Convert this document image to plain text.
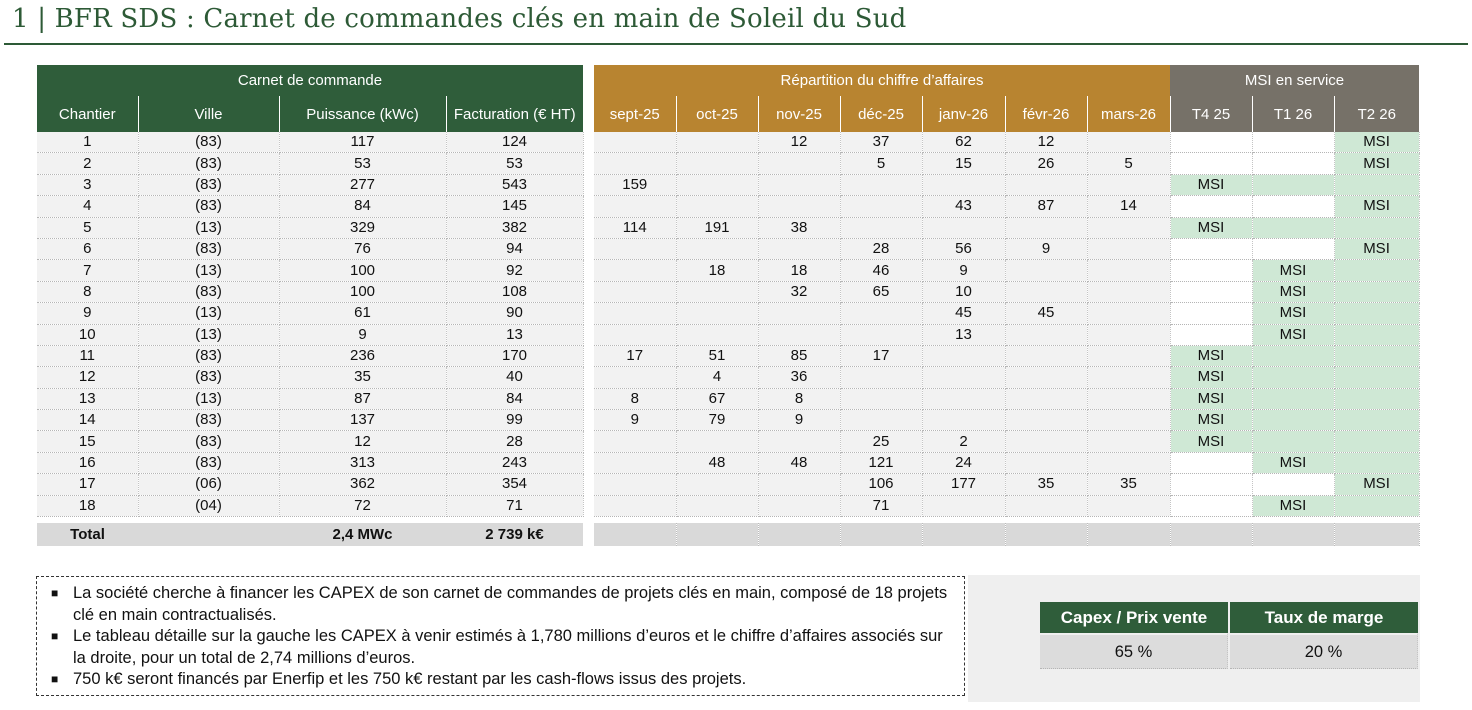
1 | BFR SDS : Carnet de commandes clés en main de Soleil du Sud
Carnet de commande			
Chantier	Ville	Puissance (kWc)	Facturation (€ HT)
1	(83)	117	124
2	(83)	53	53
3	(83)	277	543
4	(83)	84	145
5	(13)	329	382
6	(83)	76	94
7	(13)	100	92
8	(83)	100	108
9	(13)	61	90
10	(13)	9	13
11	(83)	236	170
12	(83)	35	40
13	(13)	87	84
14	(83)	137	99
15	(83)	12	28
16	(83)	313	243
17	(06)	362	354
18	(04)	72	71

Total		2,4 MWc	2 739 k€
Répartition du chiffre d’affaires							MSI en service		
sept-25	oct-25	nov-25	déc-25	janv-26	févr-26	mars-26	T4 25	T1 26	T2 26
		12	37	62	12				MSI
			5	15	26	5			MSI
159							MSI		
				43	87	14			MSI
114	191	38					MSI		
			28	56	9				MSI
	18	18	46	9				MSI	
		32	65	10				MSI	
				45	45			MSI	
				13				MSI	
17	51	85	17				MSI		
	4	36					MSI		
8	67	8					MSI		
9	79	9					MSI		
			25	2			MSI		
	48	48	121	24				MSI	
			106	177	35	35			MSI
			71					MSI	

■ La société cherche à financer les CAPEX de son carnet de commandes de projets clés en main, composé de 18 projets clé en main contractualisés.
■ Le tableau détaille sur la gauche les CAPEX à venir estimés à 1,780 millions d’euros et le chiffre d’affaires associés sur la droite, pour un total de 2,74 millions d’euros.
■ 750 k€ seront financés par Enerfip et les 750 k€ restant par les cash-flows issus des projets.
Capex / Prix vente	Taux de marge
65 %	20 %
